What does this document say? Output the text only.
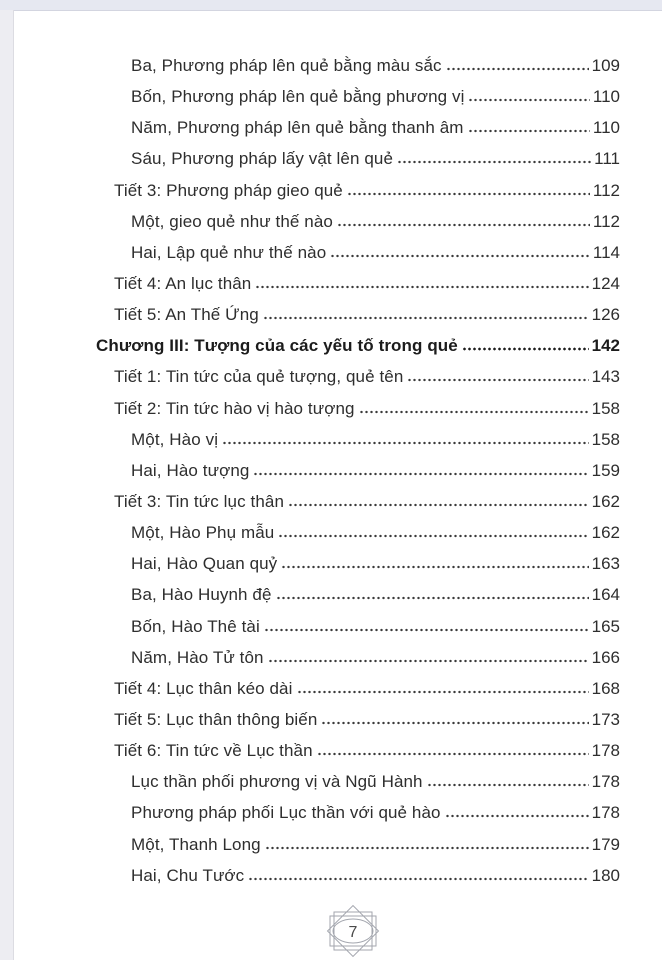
Ba, Phương pháp lên quẻ bằng màu sắc	109
Bốn, Phương pháp lên quẻ bằng phương vị	110
Năm, Phương pháp lên quẻ bằng thanh âm	110
Sáu, Phương pháp lấy vật lên quẻ	111
Tiết 3: Phương pháp gieo quẻ	112
Một, gieo quẻ như thế nào	112
Hai, Lập quẻ như thế nào	114
Tiết 4: An lục thân	124
Tiết 5: An Thế Ứng	126
Chương III: Tượng của các yếu tố trong quẻ	142
Tiết 1: Tin tức của quẻ tượng, quẻ tên	143
Tiết 2: Tin tức hào vị hào tượng	158
Một, Hào vị	158
Hai, Hào tượng	159
Tiết 3: Tin tức lục thân	162
Một, Hào Phụ mẫu	162
Hai, Hào Quan quỷ	163
Ba, Hào Huynh đệ	164
Bốn, Hào Thê tài	165
Năm, Hào Tử tôn	166
Tiết 4: Lục thân kéo dài	168
Tiết 5: Lục thân thông biến	173
Tiết 6: Tin tức về Lục thần	178
Lục thần phối phương vị và Ngũ Hành	178
Phương pháp phối Lục thần với quẻ hào	178
Một, Thanh Long	179
Hai, Chu Tước	180
7
